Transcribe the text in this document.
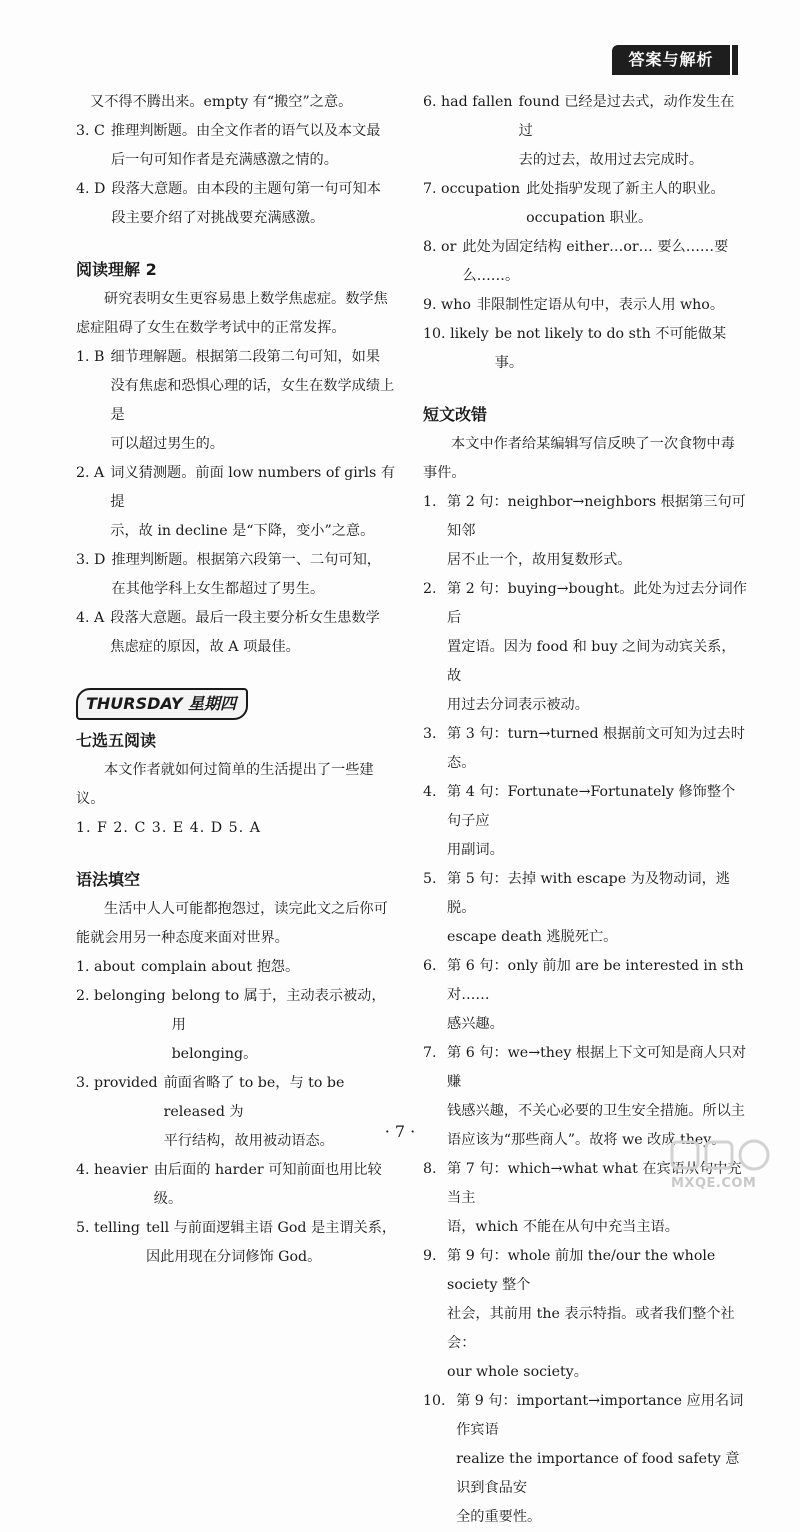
答案与解析
又不得不腾出来。empty 有“搬空”之意。
3. C 推理判断题。由全文作者的语气以及本文最
后一句可知作者是充满感激之情的。
4. D 段落大意题。由本段的主题句第一句可知本
段主要介绍了对挑战要充满感激。
阅读理解 2
研究表明女生更容易患上数学焦虑症。数学焦
虑症阻碍了女生在数学考试中的正常发挥。
1. B 细节理解题。根据第二段第二句可知，如果
没有焦虑和恐惧心理的话，女生在数学成绩上是
可以超过男生的。
2. A 词义猜测题。前面 low numbers of girls 有提
示，故 in decline 是“下降，变小”之意。
3. D 推理判断题。根据第六段第一、二句可知，
在其他学科上女生都超过了男生。
4. A 段落大意题。最后一段主要分析女生患数学
焦虑症的原因，故 A 项最佳。
THURSDAY 星期四
七选五阅读
本文作者就如何过简单的生活提出了一些建议。
1. F 2. C 3. E 4. D 5. A
语法填空
生活中人人可能都抱怨过，读完此文之后你可
能就会用另一种态度来面对世界。
1. about complain about 抱怨。
2. belonging belong to 属于，主动表示被动，用
belonging。
3. provided 前面省略了 to be，与 to be released 为
平行结构，故用被动语态。
4. heavier 由后面的 harder 可知前面也用比较级。
5. telling tell 与前面逻辑主语 God 是主谓关系，
因此用现在分词修饰 God。
6. had fallen found 已经是过去式，动作发生在过
去的过去，故用过去完成时。
7. occupation 此处指驴发现了新主人的职业。
occupation 职业。
8. or 此处为固定结构 either…or… 要么……要
么……。
9. who 非限制性定语从句中，表示人用 who。
10. likely be not likely to do sth 不可能做某事。
短文改错
本文中作者给某编辑写信反映了一次食物中毒
事件。
1. 第 2 句：neighbor→neighbors 根据第三句可知邻
居不止一个，故用复数形式。
2. 第 2 句：buying→bought。此处为过去分词作后
置定语。因为 food 和 buy 之间为动宾关系，故
用过去分词表示被动。
3. 第 3 句：turn→turned 根据前文可知为过去时态。
4. 第 4 句：Fortunate→Fortunately 修饰整个句子应
用副词。
5. 第 5 句：去掉 with escape 为及物动词，逃脱。
escape death 逃脱死亡。
6. 第 6 句：only 前加 are be interested in sth 对……
感兴趣。
7. 第 6 句：we→they 根据上下文可知是商人只对赚
钱感兴趣，不关心必要的卫生安全措施。所以主
语应该为“那些商人”。故将 we 改成 they。
8. 第 7 句：which→what what 在宾语从句中充当主
语，which 不能在从句中充当主语。
9. 第 9 句：whole 前加 the/our the whole society 整个
社会，其前用 the 表示特指。或者我们整个社会：
our whole society。
10. 第 9 句：important→importance 应用名词作宾语
realize the importance of food safety 意识到食品安
全的重要性。
· 7 ·
MXQE.COM
